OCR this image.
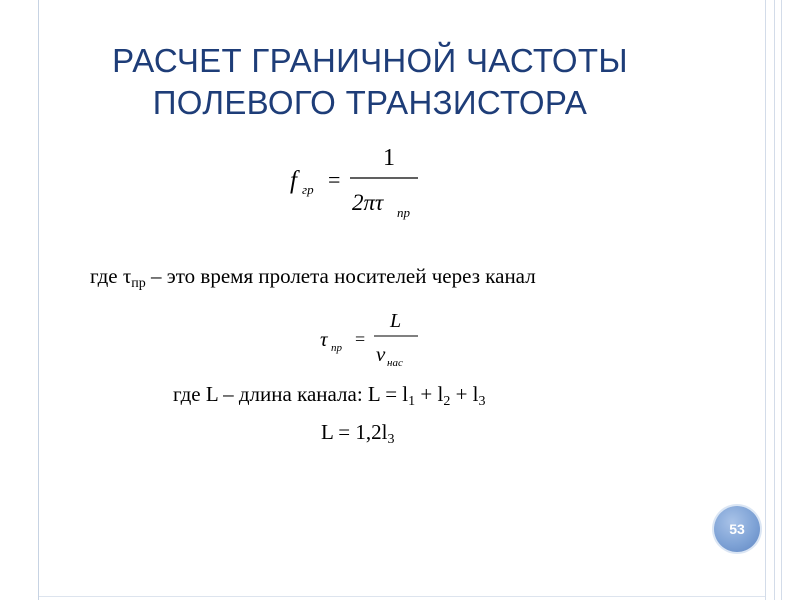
РАСЧЕТ ГРАНИЧНОЙ ЧАСТОТЫ
ПОЛЕВОГО ТРАНЗИСТОРА
f гр =
1
2πτ пр
где $\tau_{пр}$ – это время пролета носителей через канал
τ пр =
L
v нас
где L – длина канала: $L = l_1 + l_2 + l_3$
$L = 1,2l_3$
53
